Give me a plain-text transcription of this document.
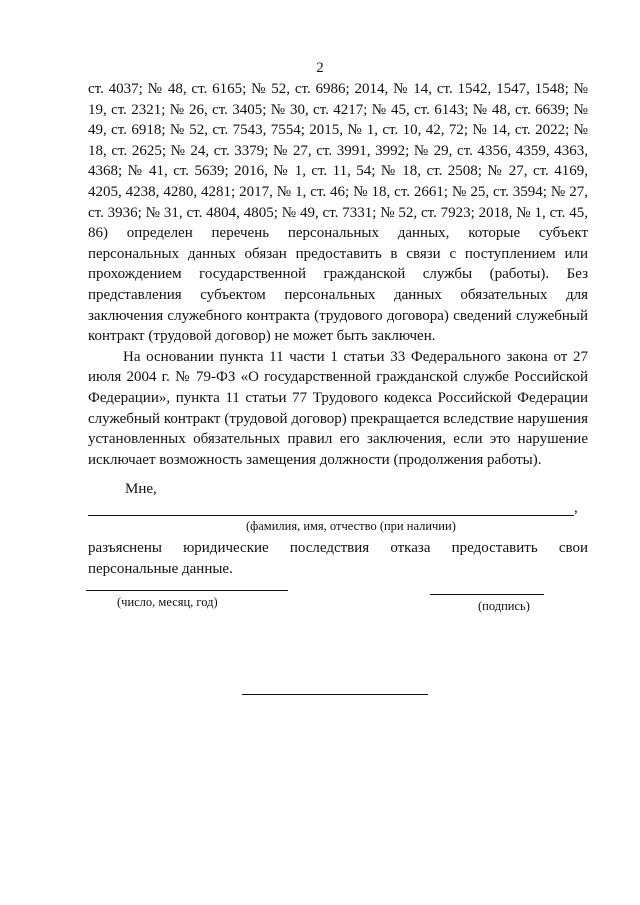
2

ст. 4037; № 48, ст. 6165; № 52, ст. 6986; 2014, № 14, ст. 1542, 1547, 1548; № 19, ст. 2321; № 26, ст. 3405; № 30, ст. 4217; № 45, ст. 6143; № 48, ст. 6639; № 49, ст. 6918; № 52, ст. 7543, 7554; 2015, № 1, ст. 10, 42, 72; № 14, ст. 2022; № 18, ст. 2625; № 24, ст. 3379; № 27, ст. 3991, 3992; № 29, ст. 4356, 4359, 4363, 4368; № 41, ст. 5639; 2016, № 1, ст. 11, 54; № 18, ст. 2508; № 27, ст. 4169, 4205, 4238, 4280, 4281; 2017, № 1, ст. 46; № 18, ст. 2661; № 25, ст. 3594; № 27, ст. 3936; № 31, ст. 4804, 4805; № 49, ст. 7331; № 52, ст. 7923; 2018, № 1, ст. 45, 86) определен перечень персональных данных, которые субъект персональных данных обязан предоставить в связи с поступлением или прохождением государственной гражданской службы (работы). Без представления субъектом персональных данных обязательных для заключения служебного контракта (трудового договора) сведений служебный контракт (трудовой договор) не может быть заключен.

На основании пункта 11 части 1 статьи 33 Федерального закона от 27 июля 2004 г. № 79-ФЗ «О государственной гражданской службе Российской Федерации», пункта 11 статьи 77 Трудового кодекса Российской Федерации служебный контракт (трудовой договор) прекращается вследствие нарушения установленных обязательных правил его заключения, если это нарушение исключает возможность замещения должности (продолжения работы).

Мне,
,
(фамилия, имя, отчество (при наличии)
разъяснены юридические последствия отказа предоставить свои
персональные данные.
(число, месяц, год)	(подпись)
